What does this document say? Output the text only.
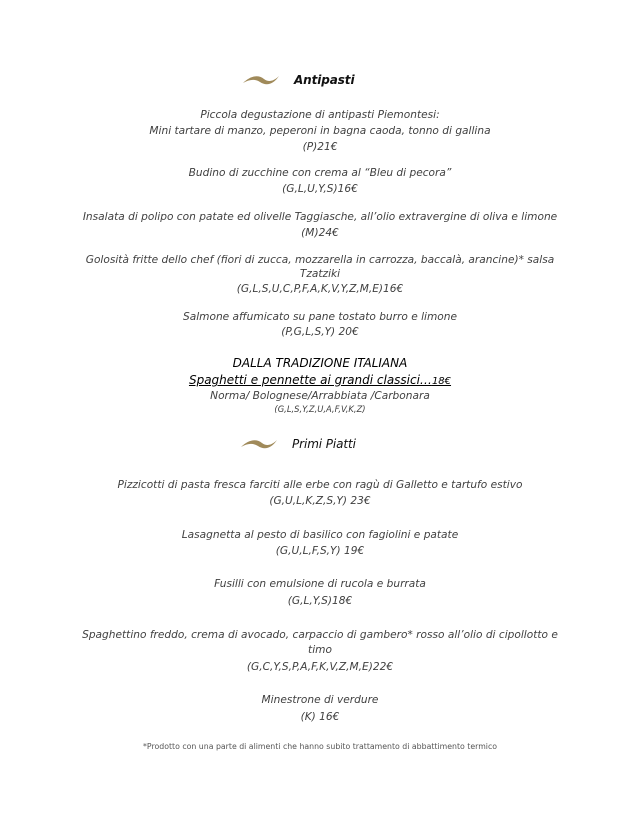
Antipasti
Piccola degustazione di antipasti Piemontesi:
Mini tartare di manzo, peperoni in bagna caoda, tonno di gallina
(P)21€
Budino di zucchine con crema al “Bleu di pecora”
(G,L,U,Y,S)16€
Insalata di polipo con patate ed olivelle Taggiasche, all’olio extravergine di oliva e limone
(M)24€
Golosità fritte dello chef (fiori di zucca, mozzarella in carrozza, baccalà, arancine)* salsa
Tzatziki
(G,L,S,U,C,P,F,A,K,V,Y,Z,M,E)16€
Salmone affumicato su pane tostato burro e limone
(P,G,L,S,Y) 20€
DALLA TRADIZIONE ITALIANA
Spaghetti e pennette ai grandi classici…18€
Norma/ Bolognese/Arrabbiata /Carbonara
(G,L,S,Y,Z,U,A,F,V,K,Z)
Primi Piatti
Pizzicotti di pasta fresca farciti alle erbe con ragù di Galletto e tartufo estivo
(G,U,L,K,Z,S,Y) 23€
Lasagnetta al pesto di basilico con fagiolini e patate
(G,U,L,F,S,Y) 19€
Fusilli con emulsione di rucola e burrata
(G,L,Y,S)18€
Spaghettino freddo, crema di avocado, carpaccio di gambero* rosso all’olio di cipollotto e
timo
(G,C,Y,S,P,A,F,K,V,Z,M,E)22€
Minestrone di verdure
(K) 16€
*Prodotto con una parte di alimenti che hanno subito trattamento di abbattimento termico
